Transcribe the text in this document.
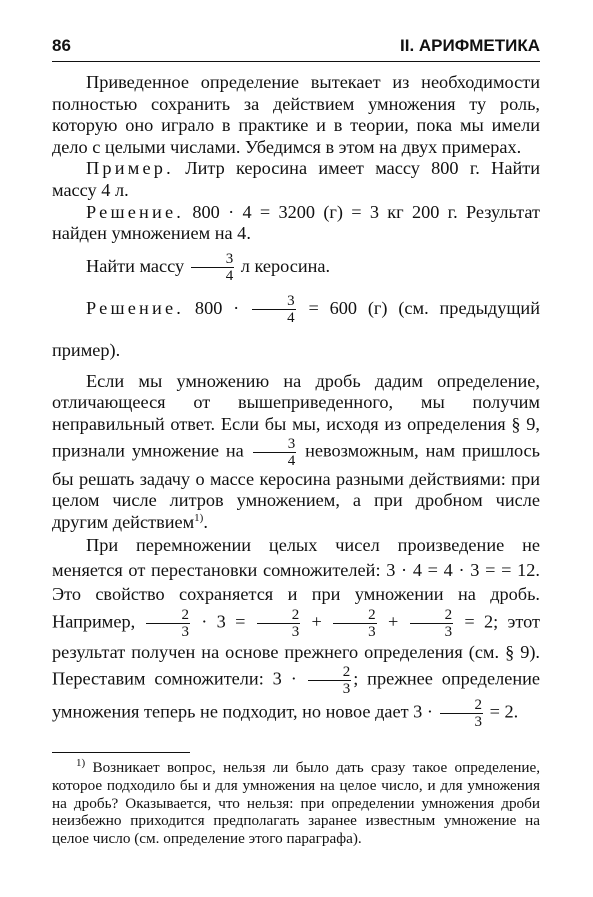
86	II. АРИФМЕТИКА

Приведенное определение вытекает из необходимости полностью сохранить за действием умножения ту роль, которую оно играло в практике и в теории, пока мы имели дело с целыми числами. Убедимся в этом на двух примерах.

Пример. Литр керосина имеет массу 800 г. Найти массу 4 л.

Решение. 800 · 4 = 3200 (г) = 3 кг 200 г. Результат найден умножением на 4.

Найти массу $\frac{3}{4}$ л керосина.

Решение. $800 \cdot \frac{3}{4} = 600$ (г) (см. предыдущий пример).

Если мы умножению на дробь дадим определение, отличающееся от вышеприведенного, мы получим неправильный ответ. Если бы мы, исходя из определения § 9, признали умножение на $\frac{3}{4}$ невозможным, нам пришлось бы решать задачу о массе керосина разными действиями: при целом числе литров умножением, а при дробном числе другим действием$^{1)}$.

При перемножении целых чисел произведение не меняется от перестановки сомножителей: 3 · 4 = 4 · 3 = = 12. Это свойство сохраняется и при умножении на дробь. Например, $\frac{2}{3} \cdot 3 = \frac{2}{3} + \frac{2}{3} + \frac{2}{3} = 2$; этот результат получен на основе прежнего определения (см. § 9). Переставим сомножители: $3 \cdot \frac{2}{3}$ ; прежнее определение умножения теперь не подходит, но новое дает $3 \cdot \frac{2}{3} = 2$.

$^{1)}$ Возникает вопрос, нельзя ли было дать сразу такое определение, которое подходило бы и для умножения на целое число, и для умножения на дробь? Оказывается, что нельзя: при определении умножения дроби неизбежно приходится предполагать заранее известным умножение на целое число (см. определение этого параграфа).
